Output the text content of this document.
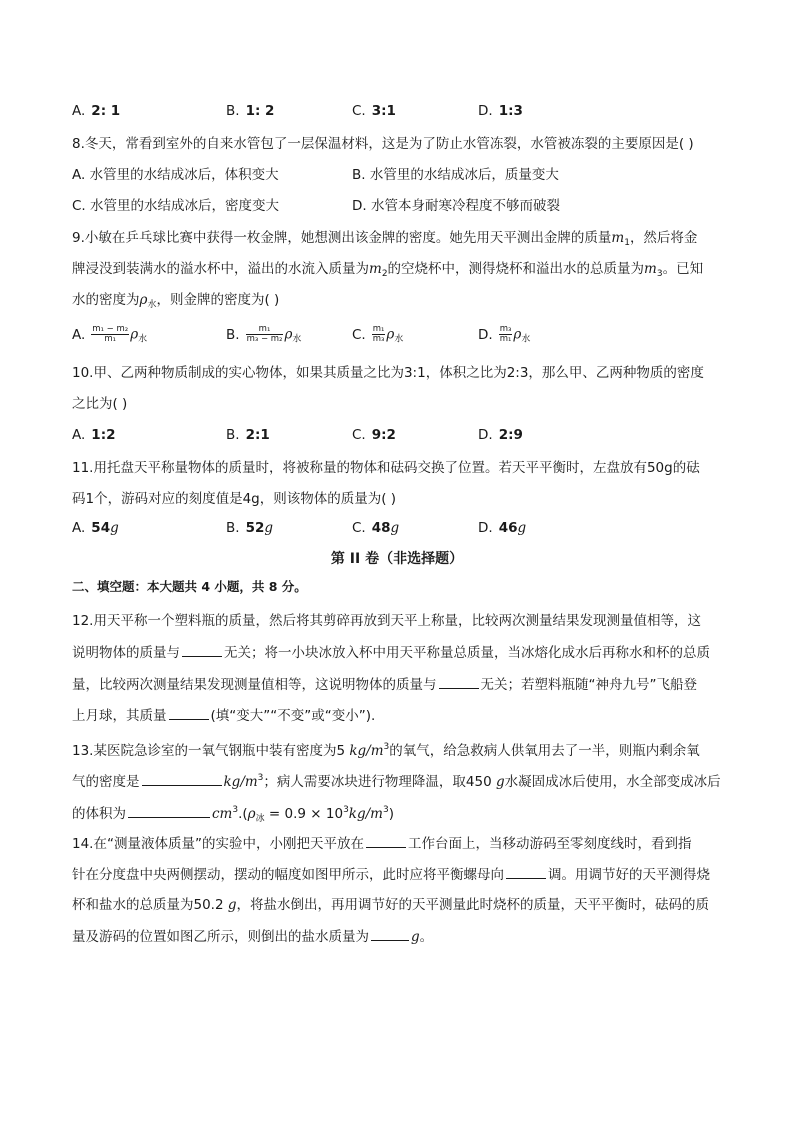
A. 2: 1	B. 1: 2	C. 3:1	D. 1:3
8.冬天，常看到室外的自来水管包了一层保温材料，这是为了防止水管冻裂，水管被冻裂的主要原因是( )
A. 水管里的水结成冰后，体积变大	B. 水管里的水结成冰后，质量变大
C. 水管里的水结成冰后，密度变大	D. 水管本身耐寒冷程度不够而破裂
9.小敏在乒乓球比赛中获得一枚金牌，她想测出该金牌的密度。她先用天平测出金牌的质量$m_1$，然后将金
牌浸没到装满水的溢水杯中，溢出的水流入质量为$m_2$的空烧杯中，测得烧杯和溢出水的总质量为$m_3$。已知
水的密度为$\rho_水$，则金牌的密度为( )
A. $\frac{\text{m₁ − m₂}}{\text{m₁}} \rho_水$	B. $\frac{\text{m₁}}{\text{m₃ − m₂}} \rho_水$	C. $\frac{\text{m₁}}{\text{m₃}} \rho_水$	D. $\frac{\text{m₃}}{\text{m₁}} \rho_水$
10.甲、乙两种物质制成的实心物体，如果其质量之比为3:1，体积之比为2:3，那么甲、乙两种物质的密度
之比为( )
A. 1:2	B. 2:1	C. 9:2	D. 2:9
11.用托盘天平称量物体的质量时，将被称量的物体和砝码交换了位置。若天平平衡时，左盘放有50g的砝
码1个，游码对应的刻度值是4g，则该物体的质量为( )
A. 54g	B. 52g	C. 48g	D. 46g
第 II 卷（非选择题）
二、填空题：本大题共 4 小题，共 8 分。
12.用天平称一个塑料瓶的质量，然后将其剪碎再放到天平上称量，比较两次测量结果发现测量值相等，这
说明物体的质量与	无关；将一小块冰放入杯中用天平称量总质量，当冰熔化成水后再称水和杯的总质
量，比较两次测量结果发现测量值相等，这说明物体的质量与	无关；若塑料瓶随“神舟九号”飞船登
上月球，其质量	(填“变大”“不变”或“变小”).
13.某医院急诊室的一氧气钢瓶中装有密度为5 $kg/m^3$的氧气，给急救病人供氧用去了一半，则瓶内剩余氧
气的密度是	$kg/m^3$；病人需要冰块进行物理降温，取450 g水凝固成冰后使用，水全部变成冰后
的体积为	$cm^3.(\rho_冰 = 0.9 \times 10^3kg/m^3)$
14.在“测量液体质量”的实验中，小刚把天平放在	工作台面上，当移动游码至零刻度线时，看到指
针在分度盘中央两侧摆动，摆动的幅度如图甲所示，此时应将平衡螺母向	调。用调节好的天平测得烧
杯和盐水的总质量为50.2 g，将盐水倒出，再用调节好的天平测量此时烧杯的质量，天平平衡时，砝码的质
量及游码的位置如图乙所示，则倒出的盐水质量为	g。
